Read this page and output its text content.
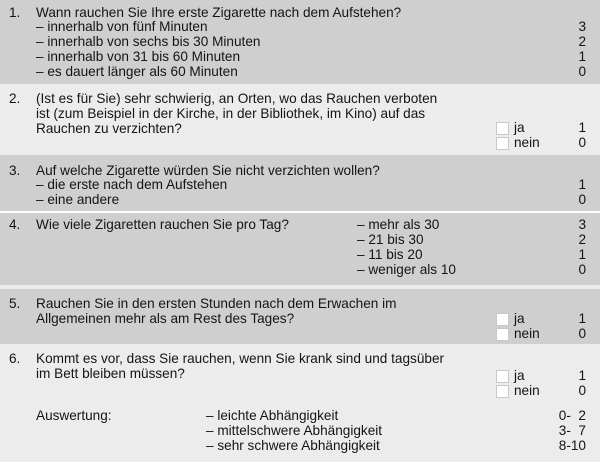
1. Wann rauchen Sie Ihre erste Zigarette nach dem Aufstehen?
– innerhalb von fünf Minuten	3
– innerhalb von sechs bis 30 Minuten	2
– innerhalb von 31 bis 60 Minuten	1
– es dauert länger als 60 Minuten	0
2. (Ist es für Sie) sehr schwierig, an Orten, wo das Rauchen verboten
ist (zum Beispiel in der Kirche, in der Bibliothek, im Kino) auf das
Rauchen zu verzichten?	ja	1
nein	0
3. Auf welche Zigarette würden Sie nicht verzichten wollen?
– die erste nach dem Aufstehen	1
– eine andere	0
4. Wie viele Zigaretten rauchen Sie pro Tag?	– mehr als 30	3
– 21 bis 30	2
– 11 bis 20	1
– weniger als 10	0
5. Rauchen Sie in den ersten Stunden nach dem Erwachen im
Allgemeinen mehr als am Rest des Tages?	ja	1
nein	0
6. Kommt es vor, dass Sie rauchen, wenn Sie krank sind und tagsüber
im Bett bleiben müssen?	ja	1
nein	0
Auswertung:	– leichte Abhängigkeit	0-  2
– mittelschwere Abhängigkeit	3-  7
– sehr schwere Abhängigkeit	8-10
